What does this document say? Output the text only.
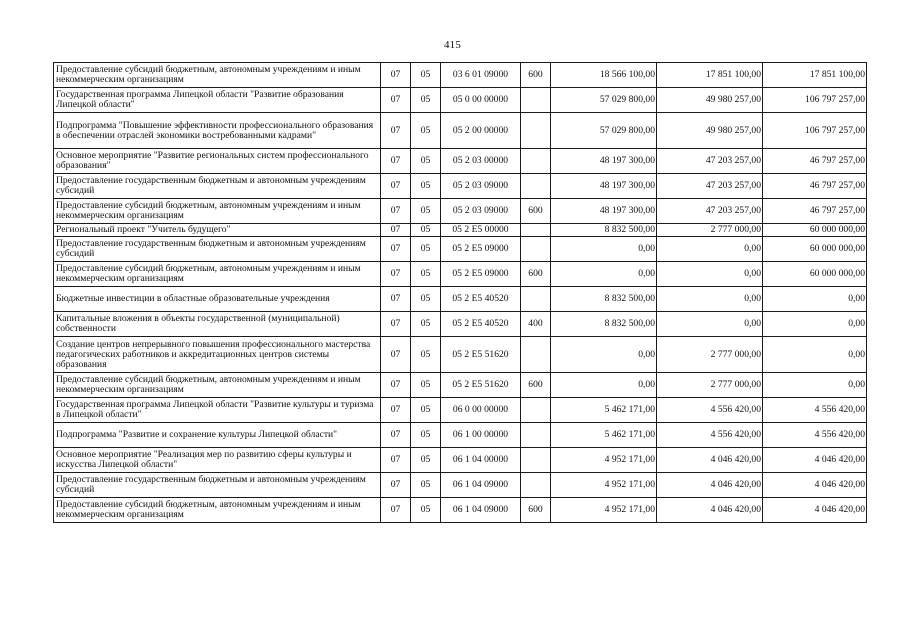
415
Предоставление субсидий бюджетным, автономным учреждениям и иным некоммерческим организациям	07	05	03 6 01 09000	600	18 566 100,00	17 851 100,00	17 851 100,00
Государственная программа Липецкой области "Развитие образования Липецкой области"	07	05	05 0 00 00000		57 029 800,00	49 980 257,00	106 797 257,00
Подпрограмма "Повышение эффективности профессионального образования в обеспечении отраслей экономики востребованными кадрами"	07	05	05 2 00 00000		57 029 800,00	49 980 257,00	106 797 257,00
Основное мероприятие "Развитие региональных систем профессионального образования"	07	05	05 2 03 00000		48 197 300,00	47 203 257,00	46 797 257,00
Предоставление государственным бюджетным и автономным учреждениям субсидий	07	05	05 2 03 09000		48 197 300,00	47 203 257,00	46 797 257,00
Предоставление субсидий бюджетным, автономным учреждениям и иным некоммерческим организациям	07	05	05 2 03 09000	600	48 197 300,00	47 203 257,00	46 797 257,00
Региональный проект "Учитель будущего"	07	05	05 2 E5 00000		8 832 500,00	2 777 000,00	60 000 000,00
Предоставление государственным бюджетным и автономным учреждениям субсидий	07	05	05 2 E5 09000		0,00	0,00	60 000 000,00
Предоставление субсидий бюджетным, автономным учреждениям и иным некоммерческим организациям	07	05	05 2 E5 09000	600	0,00	0,00	60 000 000,00
Бюджетные инвестиции в областные образовательные учреждения	07	05	05 2 E5 40520		8 832 500,00	0,00	0,00
Капитальные вложения в объекты государственной (муниципальной) собственности	07	05	05 2 E5 40520	400	8 832 500,00	0,00	0,00
Создание центров непрерывного повышения профессионального мастерства педагогических работников и аккредитационных центров системы образования	07	05	05 2 E5 51620		0,00	2 777 000,00	0,00
Предоставление субсидий бюджетным, автономным учреждениям и иным некоммерческим организациям	07	05	05 2 E5 51620	600	0,00	2 777 000,00	0,00
Государственная программа Липецкой области "Развитие культуры и туризма в Липецкой области"	07	05	06 0 00 00000		5 462 171,00	4 556 420,00	4 556 420,00
Подпрограмма "Развитие и сохранение культуры Липецкой области"	07	05	06 1 00 00000		5 462 171,00	4 556 420,00	4 556 420,00
Основное мероприятие "Реализация мер по развитию сферы культуры и искусства Липецкой области"	07	05	06 1 04 00000		4 952 171,00	4 046 420,00	4 046 420,00
Предоставление государственным бюджетным и автономным учреждениям субсидий	07	05	06 1 04 09000		4 952 171,00	4 046 420,00	4 046 420,00
Предоставление субсидий бюджетным, автономным учреждениям и иным некоммерческим организациям	07	05	06 1 04 09000	600	4 952 171,00	4 046 420,00	4 046 420,00
